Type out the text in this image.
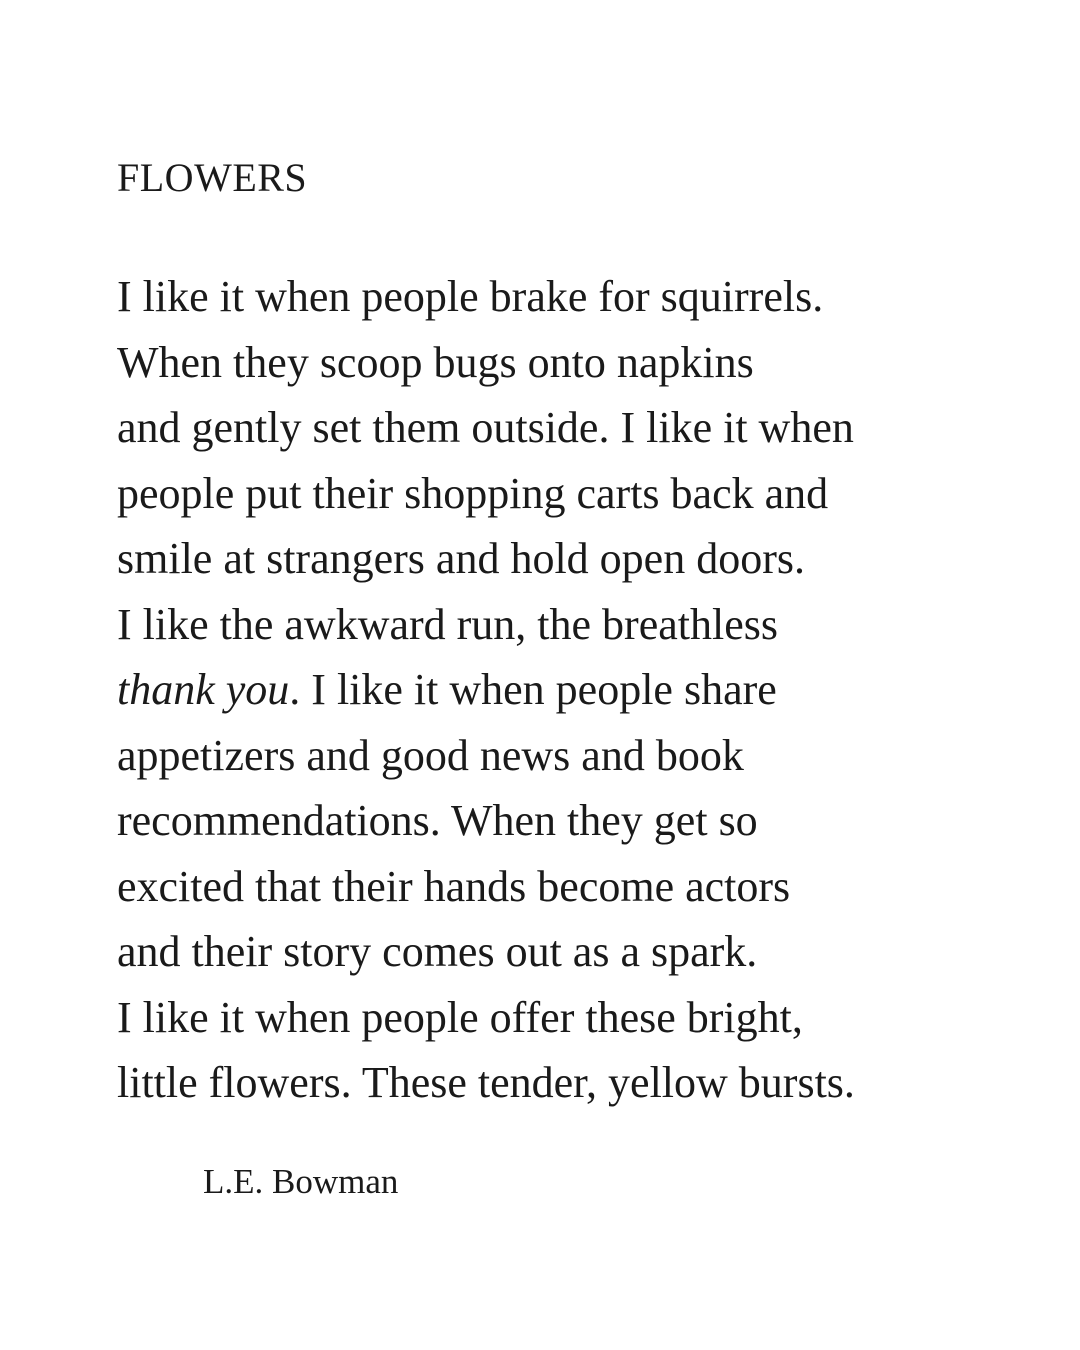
FLOWERS
I like it when people brake for squirrels.
When they scoop bugs onto napkins
and gently set them outside. I like it when
people put their shopping carts back and
smile at strangers and hold open doors.
I like the awkward run, the breathless
thank you. I like it when people share
appetizers and good news and book
recommendations. When they get so
excited that their hands become actors
and their story comes out as a spark.
I like it when people offer these bright,
little flowers. These tender, yellow bursts.
L.E. Bowman
